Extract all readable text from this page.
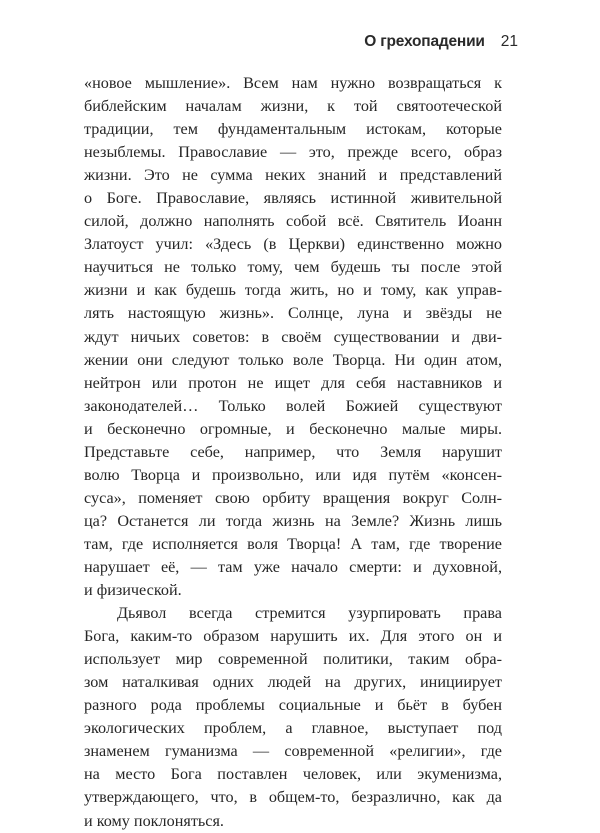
О грехопадении 21
«новое мышление». Всем нам нужно возвращаться к
библейским началам жизни, к той святоотеческой
традиции, тем фундаментальным истокам, которые
незыблемы. Православие — это, прежде всего, образ
жизни. Это не сумма неких знаний и представлений
о Боге. Православие, являясь истинной живительной
силой, должно наполнять собой всё. Святитель Иоанн
Златоуст учил: «Здесь (в Церкви) единственно можно
научиться не только тому, чем будешь ты после этой
жизни и как будешь тогда жить, но и тому, как управ-
лять настоящую жизнь». Солнце, луна и звёзды не
ждут ничьих советов: в своём существовании и дви-
жении они следуют только воле Творца. Ни один атом,
нейтрон или протон не ищет для себя наставников и
законодателей… Только волей Божией существуют
и бесконечно огромные, и бесконечно малые миры.
Представьте себе, например, что Земля нарушит
волю Творца и произвольно, или идя путём «консен-
суса», поменяет свою орбиту вращения вокруг Солн-
ца? Останется ли тогда жизнь на Земле? Жизнь лишь
там, где исполняется воля Творца! А там, где творение
нарушает её, — там уже начало смерти: и духовной,
и физической.
Дьявол всегда стремится узурпировать права
Бога, каким-то образом нарушить их. Для этого он и
использует мир современной политики, таким обра-
зом наталкивая одних людей на других, инициирует
разного рода проблемы социальные и бьёт в бубен
экологических проблем, а главное, выступает под
знаменем гуманизма — современной «религии», где
на место Бога поставлен человек, или экуменизма,
утверждающего, что, в общем-то, безразлично, как да
и кому поклоняться.
